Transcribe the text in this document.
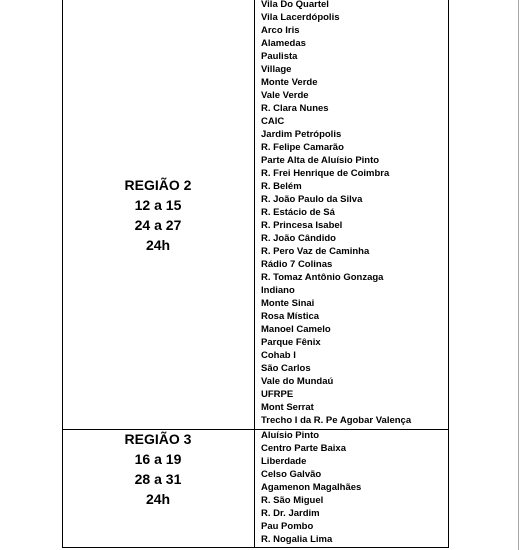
REGIÃO 2
12 a 15
24 a 27
24h
Vila Do Quartel
Vila Lacerdópolis
Arco Iris
Alamedas
Paulista
Village
Monte Verde
Vale Verde
R. Clara Nunes
CAIC
Jardim Petrópolis
R. Felipe Camarão
Parte Alta de Aluísio Pinto
R. Frei Henrique de Coimbra
R. Belém
R. João Paulo da Silva
R. Estácio de Sá
R. Princesa Isabel
R. João Cândido
R. Pero Vaz de Caminha
Rádio 7 Colinas
R. Tomaz Antônio Gonzaga
Indiano
Monte Sinai
Rosa Mística
Manoel Camelo
Parque Fênix
Cohab I
São Carlos
Vale do Mundaú
UFRPE
Mont Serrat
Trecho I da R. Pe Agobar Valença
REGIÃO 3
16 a 19
28 a 31
24h
Aluísio Pinto
Centro Parte Baixa
Liberdade
Celso Galvão
Agamenon Magalhães
R. São Miguel
R. Dr. Jardim
Pau Pombo
R. Nogalia Lima
